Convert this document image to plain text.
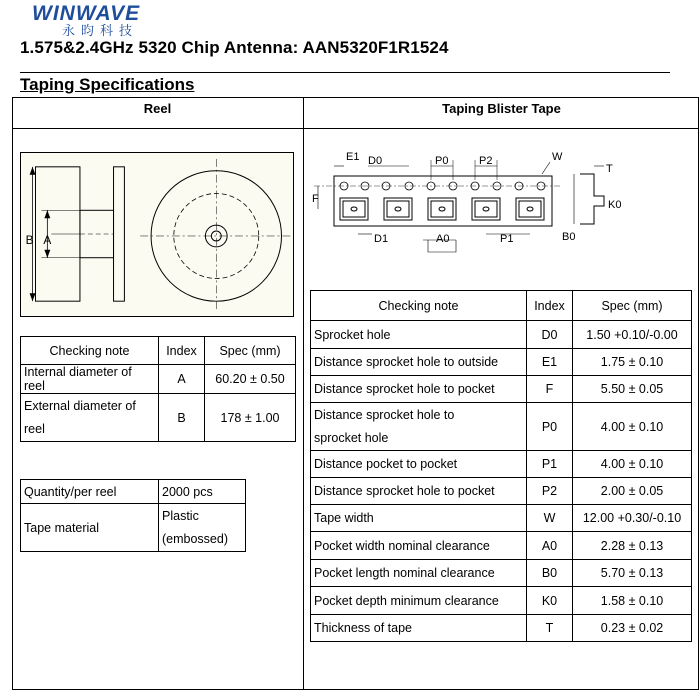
WINWAVE
永昀科技
1.575&2.4GHz 5320 Chip Antenna: AAN5320F1R1524
Taping Specifications
Reel	Taping Blister Tape
B A
E1 D0	P0	P2	W
F
D1	A0	P1
T
K0
B0
Checking note	Index	Spec (mm)
Internal diameter of reel	A	60.20 ± 0.50
External diameter of reel	B	178 ± 1.00
Quantity/per reel	2000 pcs
Tape material	Plastic (embossed)
Checking note	Index	Spec (mm)
Sprocket hole	D0	1.50 +0.10/-0.00
Distance sprocket hole to outside	E1	1.75 ± 0.10
Distance sprocket hole to pocket	F	5.50 ± 0.05
Distance sprocket hole to sprocket hole	P0	4.00 ± 0.10
Distance pocket to pocket	P1	4.00 ± 0.10
Distance sprocket hole to pocket	P2	2.00 ± 0.05
Tape width	W	12.00 +0.30/-0.10
Pocket width nominal clearance	A0	2.28 ± 0.13
Pocket length nominal clearance	B0	5.70 ± 0.13
Pocket depth minimum clearance	K0	1.58 ± 0.10
Thickness of tape	T	0.23 ± 0.02
